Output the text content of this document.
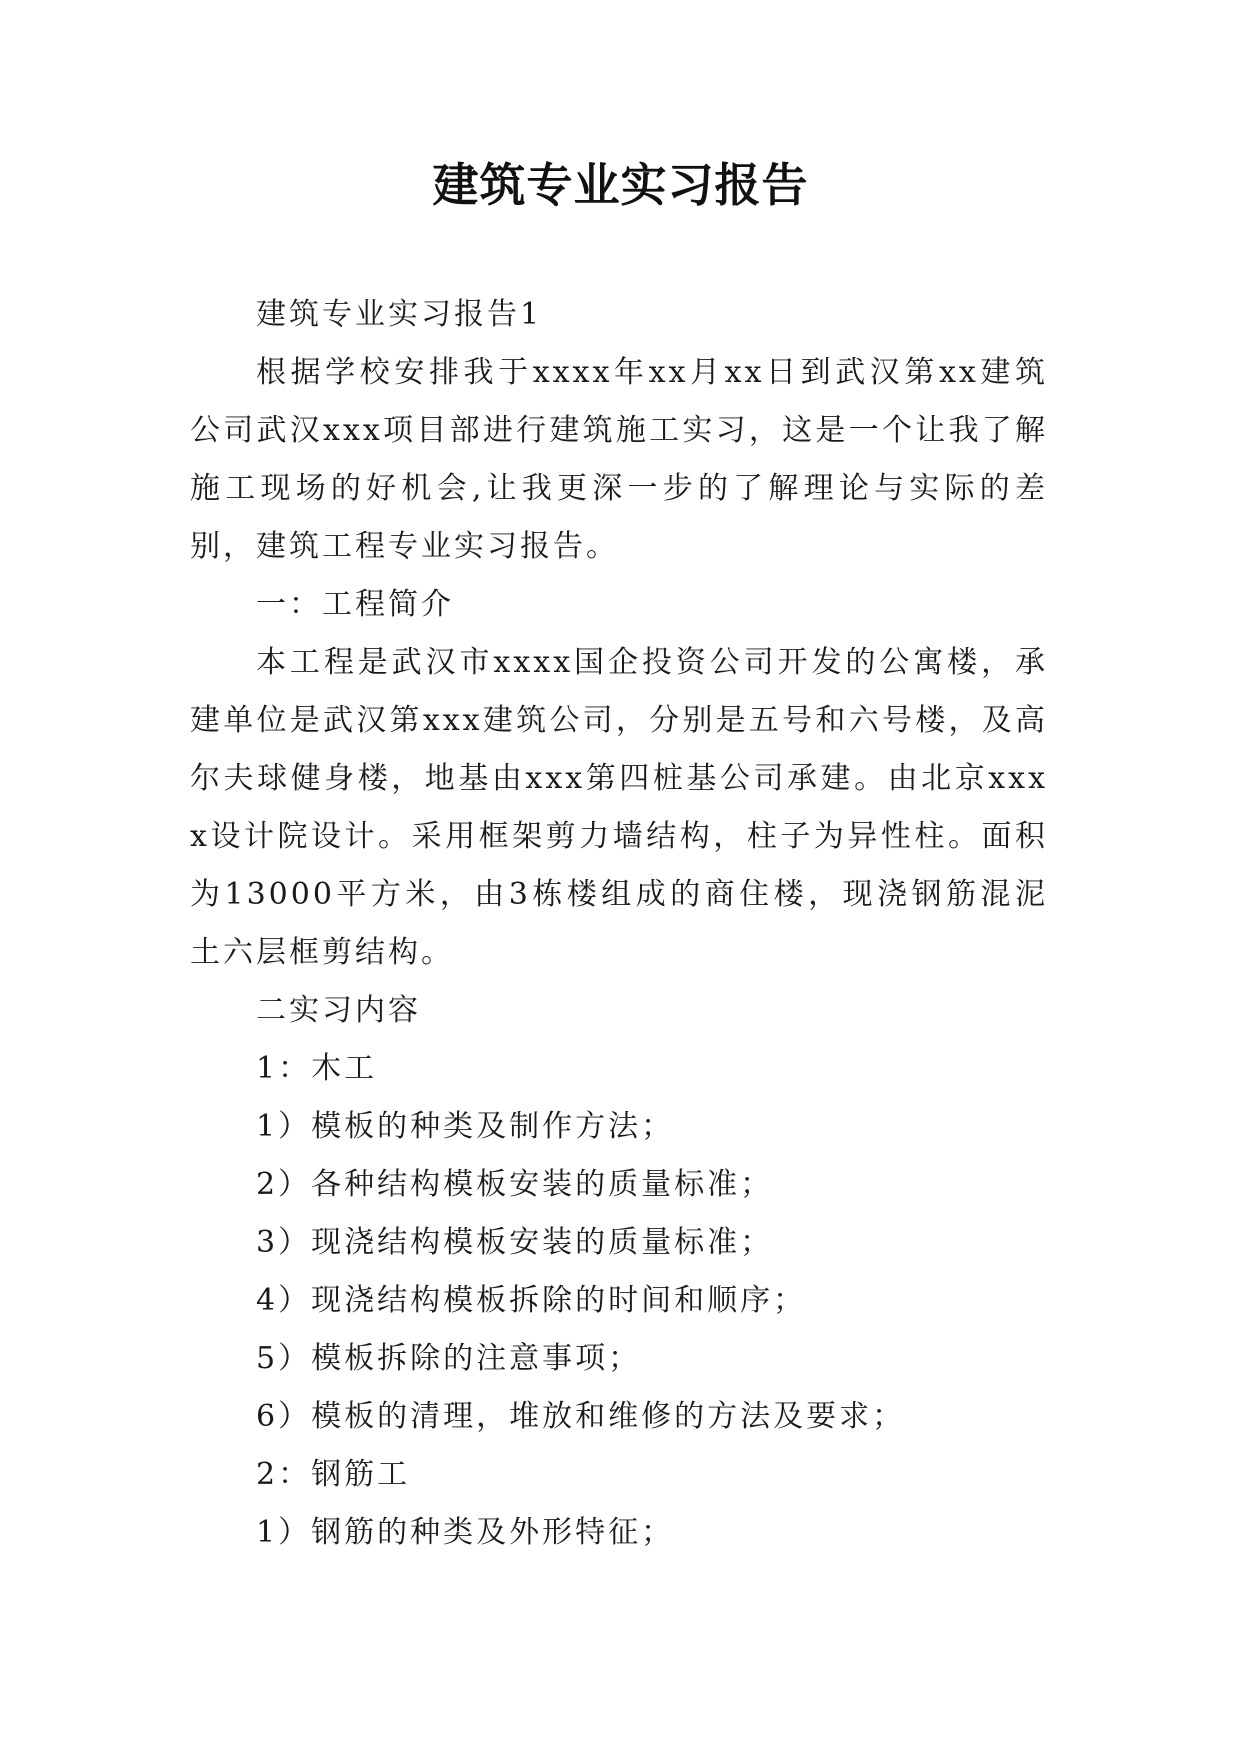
建筑专业实习报告

建筑专业实习报告1

根据学校安排我于xxxx年xx月xx日到武汉第xx建筑公司武汉xxx项目部进行建筑施工实习，这是一个让我了解施工现场的好机会,让我更深一步的了解理论与实际的差别，建筑工程专业实习报告。

一：工程简介

本工程是武汉市xxxx国企投资公司开发的公寓楼，承建单位是武汉第xxx建筑公司，分别是五号和六号楼，及高尔夫球健身楼，地基由xxx第四桩基公司承建。由北京xxxx设计院设计。采用框架剪力墙结构，柱子为异性柱。面积为13000平方米，由3栋楼组成的商住楼，现浇钢筋混泥土六层框剪结构。

二实习内容

1：木工

1）模板的种类及制作方法；

2）各种结构模板安装的质量标准；

3）现浇结构模板安装的质量标准；

4）现浇结构模板拆除的时间和顺序；

5）模板拆除的注意事项；

6）模板的清理，堆放和维修的方法及要求；

2：钢筋工

1）钢筋的种类及外形特征；
